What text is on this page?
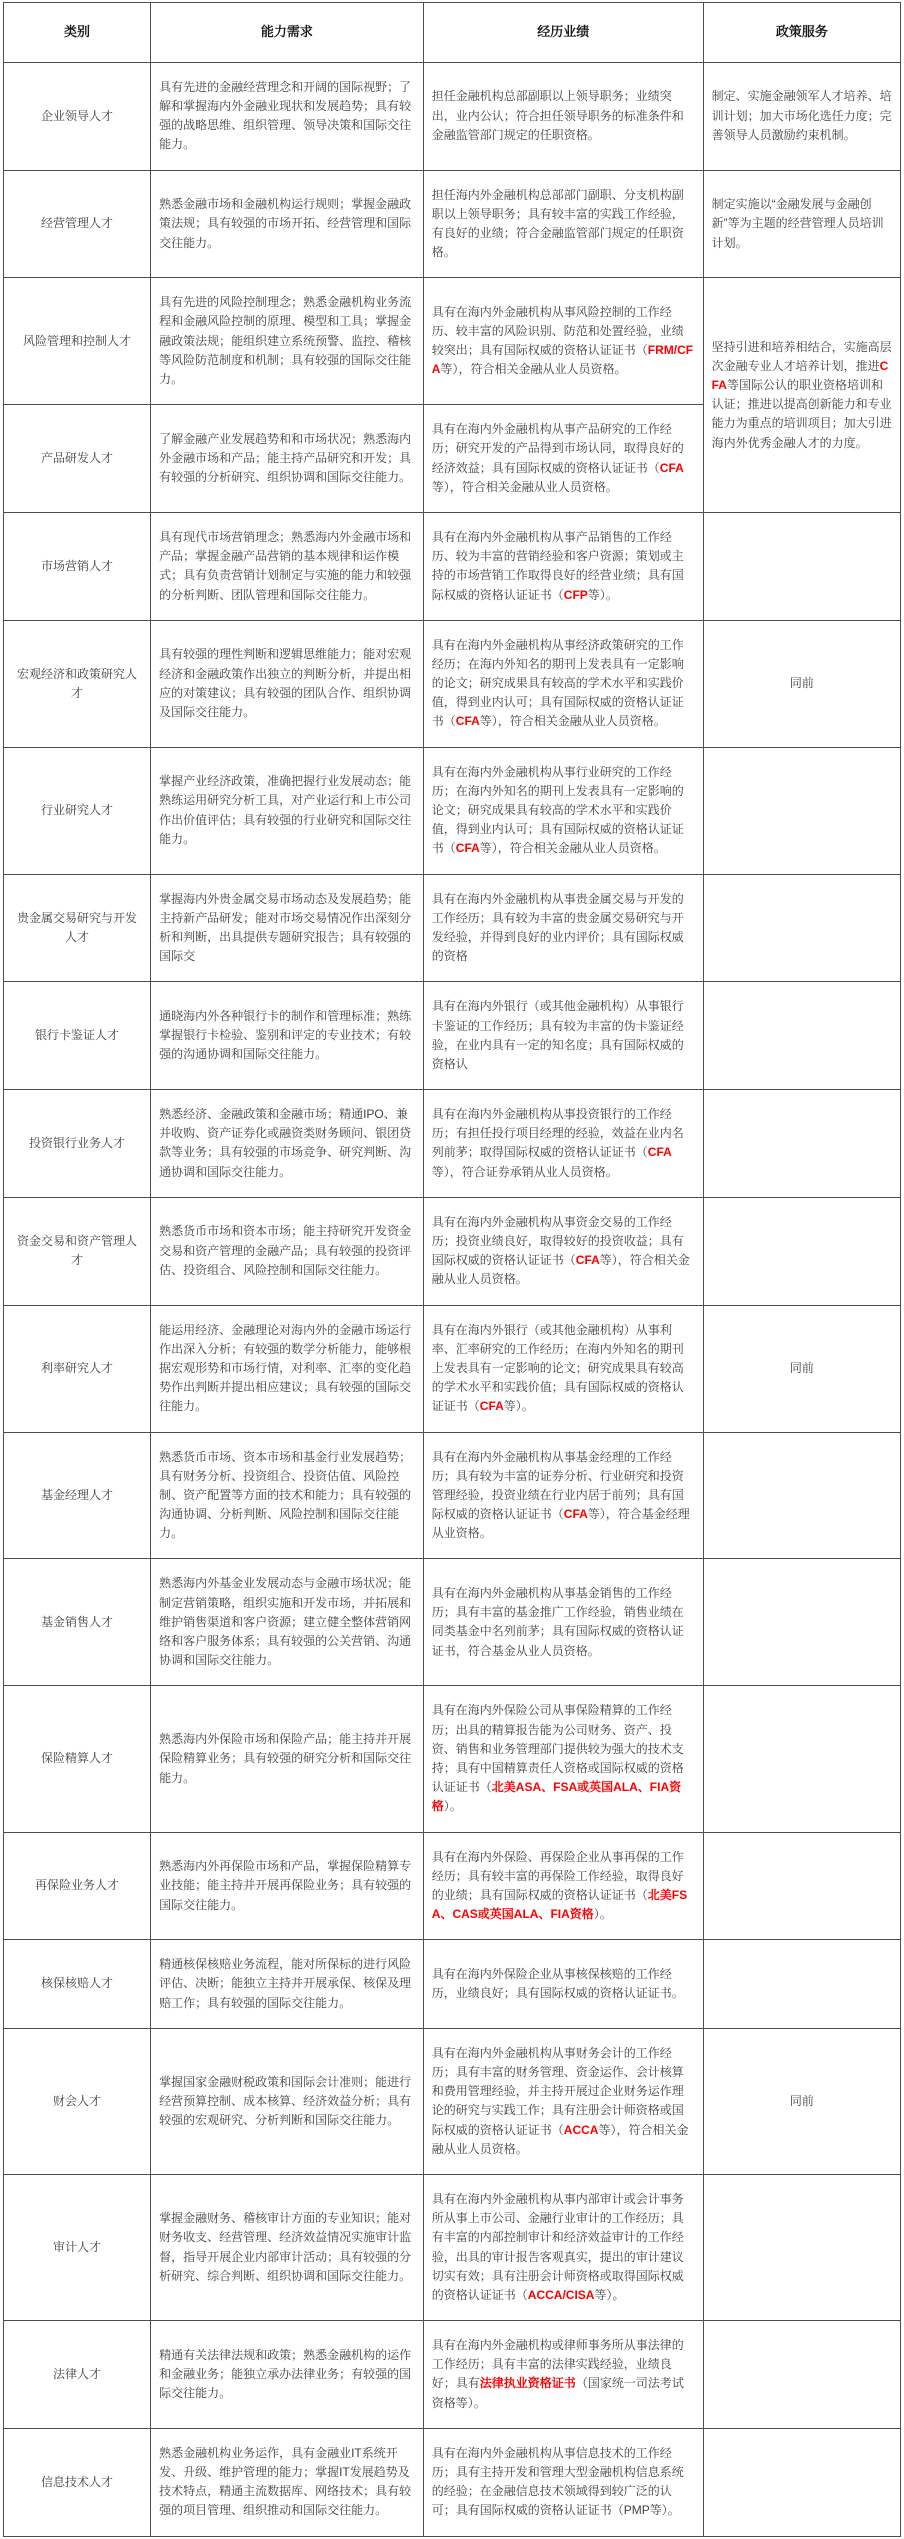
类别	能力需求	经历业绩	政策服务
企业领导人才	具有先进的金融经营理念和开阔的国际视野；了解和掌握海内外金融业现状和发展趋势；具有较强的战略思维、组织管理、领导决策和国际交往能力。	担任金融机构总部副职以上领导职务；业绩突出，业内公认；符合担任领导职务的标准条件和金融监管部门规定的任职资格。	制定、实施金融领军人才培养、培训计划；加大市场化选任力度；完善领导人员激励约束机制。
经营管理人才	熟悉金融市场和金融机构运行规则；掌握金融政策法规；具有较强的市场开拓、经营管理和国际交往能力。	担任海内外金融机构总部部门副职、分支机构副职以上领导职务；具有较丰富的实践工作经验，有良好的业绩；符合金融监管部门规定的任职资格。	制定实施以“金融发展与金融创新”等为主题的经营管理人员培训计划。
风险管理和控制人才	具有先进的风险控制理念；熟悉金融机构业务流程和金融风险控制的原理、模型和工具；掌握金融政策法规；能组织建立系统预警、监控、稽核等风险防范制度和机制；具有较强的国际交往能力。	具有在海内外金融机构从事风险控制的工作经历、较丰富的风险识别、防范和处置经验，业绩较突出；具有国际权威的资格认证证书（FRM/CFA等），符合相关金融从业人员资格。	坚持引进和培养相结合，实施高层次金融专业人才培养计划，推进CFA等国际公认的职业资格培训和认证；推进以提高创新能力和专业能力为重点的培训项目；加大引进海内外优秀金融人才的力度。
产品研发人才	了解金融产业发展趋势和和市场状况；熟悉海内外金融市场和产品；能主持产品研究和开发；具有较强的分析研究、组织协调和国际交往能力。	具有在海内外金融机构从事产品研究的工作经历；研究开发的产品得到市场认同，取得良好的经济效益；具有国际权威的资格认证证书（CFA等），符合相关金融从业人员资格。	
市场营销人才	具有现代市场营销理念；熟悉海内外金融市场和产品；掌握金融产品营销的基本规律和运作模式；具有负责营销计划制定与实施的能力和较强的分析判断、团队管理和国际交往能力。	具有在海内外金融机构从事产品销售的工作经历、较为丰富的营销经验和客户资源；策划或主持的市场营销工作取得良好的经营业绩；具有国际权威的资格认证证书（CFP等）。	
宏观经济和政策研究人才	具有较强的理性判断和逻辑思维能力；能对宏观经济和金融政策作出独立的判断分析，并提出相应的对策建议；具有较强的团队合作、组织协调及国际交往能力。	具有在海内外金融机构从事经济政策研究的工作经历；在海内外知名的期刊上发表具有一定影响的论文；研究成果具有较高的学术水平和实践价值，得到业内认可；具有国际权威的资格认证证书（CFA等），符合相关金融从业人员资格。	同前
行业研究人才	掌握产业经济政策，准确把握行业发展动态；能熟练运用研究分析工具，对产业运行和上市公司作出价值评估；具有较强的行业研究和国际交往能力。	具有在海内外金融机构从事行业研究的工作经历；在海内外知名的期刊上发表具有一定影响的论文；研究成果具有较高的学术水平和实践价值，得到业内认可；具有国际权威的资格认证证书（CFA等），符合相关金融从业人员资格。	
贵金属交易研究与开发人才	掌握海内外贵金属交易市场动态及发展趋势；能主持新产品研发；能对市场交易情况作出深刻分析和判断，出具提供专题研究报告；具有较强的国际交	具有在海内外金融机构从事贵金属交易与开发的工作经历；具有较为丰富的贵金属交易研究与开发经验，并得到良好的业内评价；具有国际权威的资格	
银行卡鉴证人才	通晓海内外各种银行卡的制作和管理标准；熟练掌握银行卡检验、鉴别和评定的专业技术；有较强的沟通协调和国际交往能力。	具有在海内外银行（或其他金融机构）从事银行卡鉴证的工作经历；具有较为丰富的伪卡鉴证经验，在业内具有一定的知名度；具有国际权威的资格认	
投资银行业务人才	熟悉经济、金融政策和金融市场；精通IPO、兼并收购、资产证券化或融资类财务顾问、银团贷款等业务；具有较强的市场竞争、研究判断、沟通协调和国际交往能力。	具有在海内外金融机构从事投资银行的工作经历；有担任投行项目经理的经验，效益在业内名列前茅；取得国际权威的资格认证证书（CFA等），符合证券承销从业人员资格。	
资金交易和资产管理人才	熟悉货币市场和资本市场；能主持研究开发资金交易和资产管理的金融产品；具有较强的投资评估、投资组合、风险控制和国际交往能力。	具有在海内外金融机构从事资金交易的工作经历；投资业绩良好，取得较好的投资收益；具有国际权威的资格认证证书（CFA等），符合相关金融从业人员资格。	
利率研究人才	能运用经济、金融理论对海内外的金融市场运行作出深入分析；有较强的数学分析能力，能够根据宏观形势和市场行情，对利率、汇率的变化趋势作出判断并提出相应建议；具有较强的国际交往能力。	具有在海内外银行（或其他金融机构）从事利率、汇率研究的工作经历；在海内外知名的期刊上发表具有一定影响的论文；研究成果具有较高的学术水平和实践价值；具有国际权威的资格认证证书（CFA等）。	同前
基金经理人才	熟悉货币市场、资本市场和基金行业发展趋势；具有财务分析、投资组合、投资估值、风险控制、资产配置等方面的技术和能力；具有较强的沟通协调、分析判断、风险控制和国际交往能力。	具有在海内外金融机构从事基金经理的工作经历；具有较为丰富的证券分析、行业研究和投资管理经验，投资业绩在行业内居于前列；具有国际权威的资格认证证书（CFA等），符合基金经理从业资格。	
基金销售人才	熟悉海内外基金业发展动态与金融市场状况；能制定营销策略，组织实施和开发市场，并拓展和维护销售渠道和客户资源；建立健全整体营销网络和客户服务体系；具有较强的公关营销、沟通协调和国际交往能力。	具有在海内外金融机构从事基金销售的工作经历；具有丰富的基金推广工作经验，销售业绩在同类基金中名列前茅；具有国际权威的资格认证证书，符合基金从业人员资格。	
保险精算人才	熟悉海内外保险市场和保险产品；能主持并开展保险精算业务；具有较强的研究分析和国际交往能力。	具有在海内外保险公司从事保险精算的工作经历；出具的精算报告能为公司财务、资产、投资、销售和业务管理部门提供较为强大的技术支持；具有中国精算责任人资格或国际权威的资格认证证书（北美ASA、FSA或英国ALA、FIA资格）。	
再保险业务人才	熟悉海内外再保险市场和产品，掌握保险精算专业技能；能主持并开展再保险业务；具有较强的国际交往能力。	具有在海内外保险、再保险企业从事再保的工作经历；具有较丰富的再保险工作经验，取得良好的业绩；具有国际权威的资格认证证书（北美FSA、CAS或英国ALA、FIA资格）。	
核保核赔人才	精通核保核赔业务流程，能对所保标的进行风险评估、决断；能独立主持并开展承保、核保及理赔工作；具有较强的国际交往能力。	具有在海内外保险企业从事核保核赔的工作经历，业绩良好；具有国际权威的资格认证证书。	
财会人才	掌握国家金融财税政策和国际会计准则；能进行经营预算控制、成本核算、经济效益分析；具有较强的宏观研究、分析判断和国际交往能力。	具有在海内外金融机构从事财务会计的工作经历；具有丰富的财务管理、资金运作、会计核算和费用管理经验，并主持开展过企业财务运作理论的研究与实践工作；具有注册会计师资格或国际权威的资格认证证书（ACCA等），符合相关金融从业人员资格。	同前
审计人才	掌握金融财务、稽核审计方面的专业知识；能对财务收支、经营管理、经济效益情况实施审计监督，指导开展企业内部审计活动；具有较强的分析研究、综合判断、组织协调和国际交往能力。	具有在海内外金融机构从事内部审计或会计事务所从事上市公司、金融行业审计的工作经历；具有丰富的内部控制审计和经济效益审计的工作经验，出具的审计报告客观真实，提出的审计建议切实有效；具有注册会计师资格或取得国际权威的资格认证证书（ACCA/CISA等）。	
法律人才	精通有关法律法规和政策；熟悉金融机构的运作和金融业务；能独立承办法律业务；有较强的国际交往能力。	具有在海内外金融机构或律师事务所从事法律的工作经历；具有丰富的法律实践经验，业绩良好；具有法律执业资格证书（国家统一司法考试资格等）。	
信息技术人才	熟悉金融机构业务运作，具有金融业IT系统开发、升级、维护管理的能力；掌握IT发展趋势及技术特点，精通主流数据库、网络技术；具有较强的项目管理、组织推动和国际交往能力。	具有在海内外金融机构从事信息技术的工作经历；具有主持开发和管理大型金融机构信息系统的经验；在金融信息技术领域得到较广泛的认可；具有国际权威的资格认证证书（PMP等）。	
